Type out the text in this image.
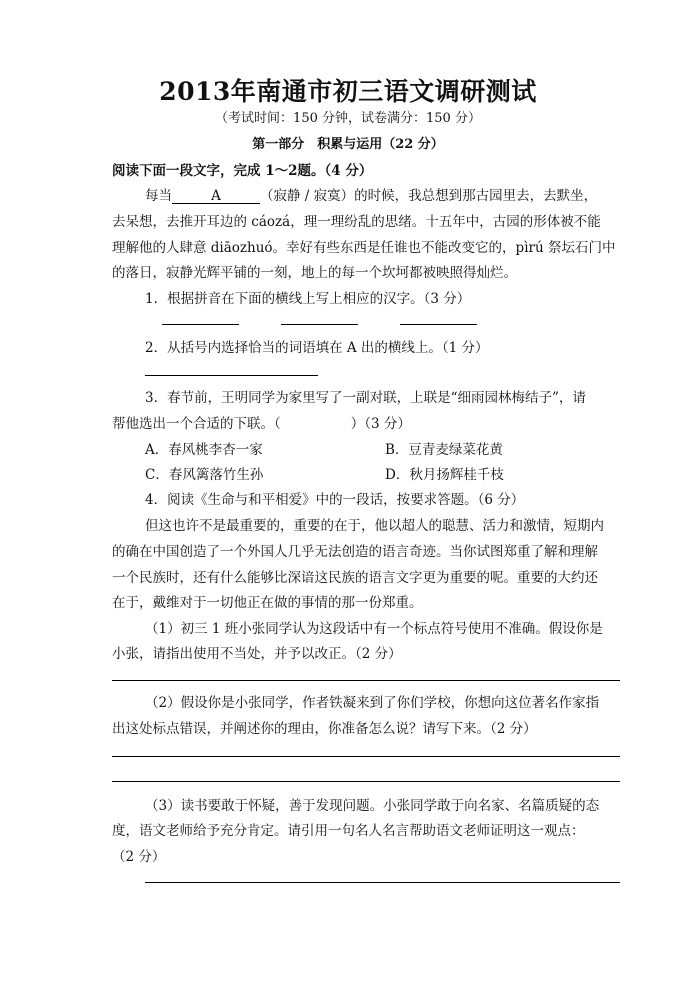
2013年南通市初三语文调研测试
（考试时间：150 分钟，试卷满分：150 分）
第一部分　积累与运用（22 分）
阅读下面一段文字，完成 1～2题。（4 分）
每当	A	（寂静 / 寂寞）的时候，我总想到那古园里去，去默坐，
去呆想，去推开耳边的 cáozá，理一理纷乱的思绪。十五年中，古园的形体被不能
理解他的人肆意 diāozhuó。幸好有些东西是任谁也不能改变它的，pìrú 祭坛石门中
的落日，寂静光辉平铺的一刻，地上的每一个坎坷都被映照得灿烂。
1．根据拼音在下面的横线上写上相应的汉字。（3 分）
2．从括号内选择恰当的词语填在 A 出的横线上。（1 分）
3．春节前，王明同学为家里写了一副对联，上联是“细雨园林梅结子”，请
帮他选出一个合适的下联。（	）（3 分）
A．春风桃李杏一家	B．豆青麦绿菜花黄
C．春风篱落竹生孙	D．秋月扬辉桂千枝
4．阅读《生命与和平相爱》中的一段话，按要求答题。（6 分）
但这也许不是最重要的，重要的在于，他以超人的聪慧、活力和激情，短期内
的确在中国创造了一个外国人几乎无法创造的语言奇迹。当你试图郑重了解和理解
一个民族时，还有什么能够比深谙这民族的语言文字更为重要的呢。重要的大约还
在于，戴维对于一切他正在做的事情的那一份郑重。
（1）初三 1 班小张同学认为这段话中有一个标点符号使用不准确。假设你是
小张，请指出使用不当处，并予以改正。（2 分）
（2）假设你是小张同学，作者铁凝来到了你们学校，你想向这位著名作家指
出这处标点错误，并阐述你的理由，你准备怎么说？请写下来。（2 分）
（3）读书要敢于怀疑，善于发现问题。小张同学敢于向名家、名篇质疑的态
度，语文老师给予充分肯定。请引用一句名人名言帮助语文老师证明这一观点：
（2 分）
